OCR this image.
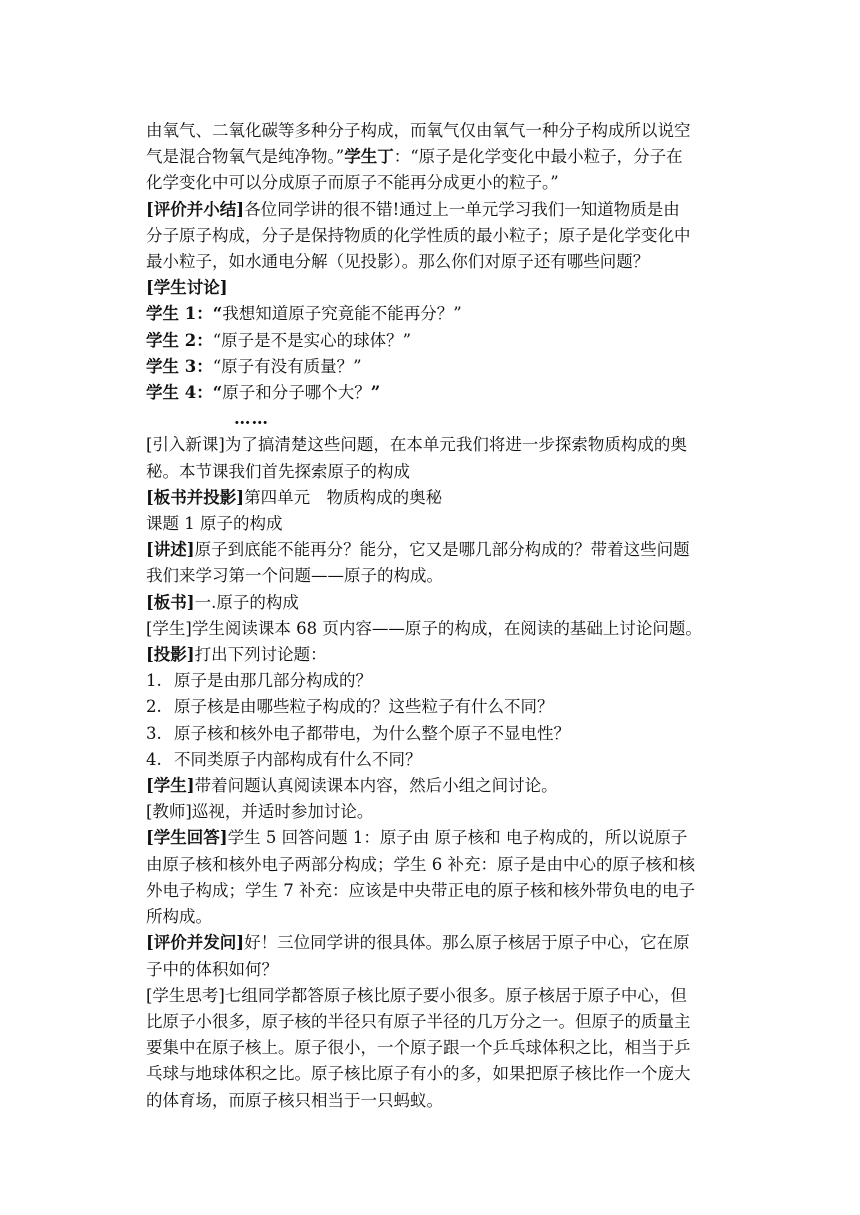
由氧气、二氧化碳等多种分子构成，而氧气仅由氧气一种分子构成所以说空
气是混合物氧气是纯净物。”学生丁：“原子是化学变化中最小粒子，分子在
化学变化中可以分成原子而原子不能再分成更小的粒子。”
[评价并小结]各位同学讲的很不错!通过上一单元学习我们一知道物质是由
分子原子构成，分子是保持物质的化学性质的最小粒子；原子是化学变化中
最小粒子，如水通电分解（见投影）。那么你们对原子还有哪些问题？
[学生讨论]
学生 1：“我想知道原子究竟能不能再分？”
学生 2：“原子是不是实心的球体？”
学生 3：“原子有没有质量？”
学生 4：“原子和分子哪个大？”
……
[引入新课]为了搞清楚这些问题，在本单元我们将进一步探索物质构成的奥
秘。本节课我们首先探索原子的构成
[板书并投影]第四单元　物质构成的奥秘
课题 1 原子的构成
[讲述]原子到底能不能再分？能分，它又是哪几部分构成的？带着这些问题
我们来学习第一个问题——原子的构成。
[板书]一.原子的构成
[学生]学生阅读课本 68 页内容——原子的构成，在阅读的基础上讨论问题。
[投影]打出下列讨论题：
1. 原子是由那几部分构成的？
2. 原子核是由哪些粒子构成的？这些粒子有什么不同？
3. 原子核和核外电子都带电，为什么整个原子不显电性？
4. 不同类原子内部构成有什么不同？
[学生]带着问题认真阅读课本内容，然后小组之间讨论。
[教师]巡视，并适时参加讨论。
[学生回答]学生 5 回答问题 1：原子由 原子核和 电子构成的，所以说原子
由原子核和核外电子两部分构成；学生 6 补充：原子是由中心的原子核和核
外电子构成；学生 7 补充：应该是中央带正电的原子核和核外带负电的电子
所构成。
[评价并发问]好！三位同学讲的很具体。那么原子核居于原子中心，它在原
子中的体积如何？
[学生思考]七组同学都答原子核比原子要小很多。原子核居于原子中心，但
比原子小很多，原子核的半径只有原子半径的几万分之一。但原子的质量主
要集中在原子核上。原子很小，一个原子跟一个乒乓球体积之比，相当于乒
乓球与地球体积之比。原子核比原子有小的多，如果把原子核比作一个庞大
的体育场，而原子核只相当于一只蚂蚁。
